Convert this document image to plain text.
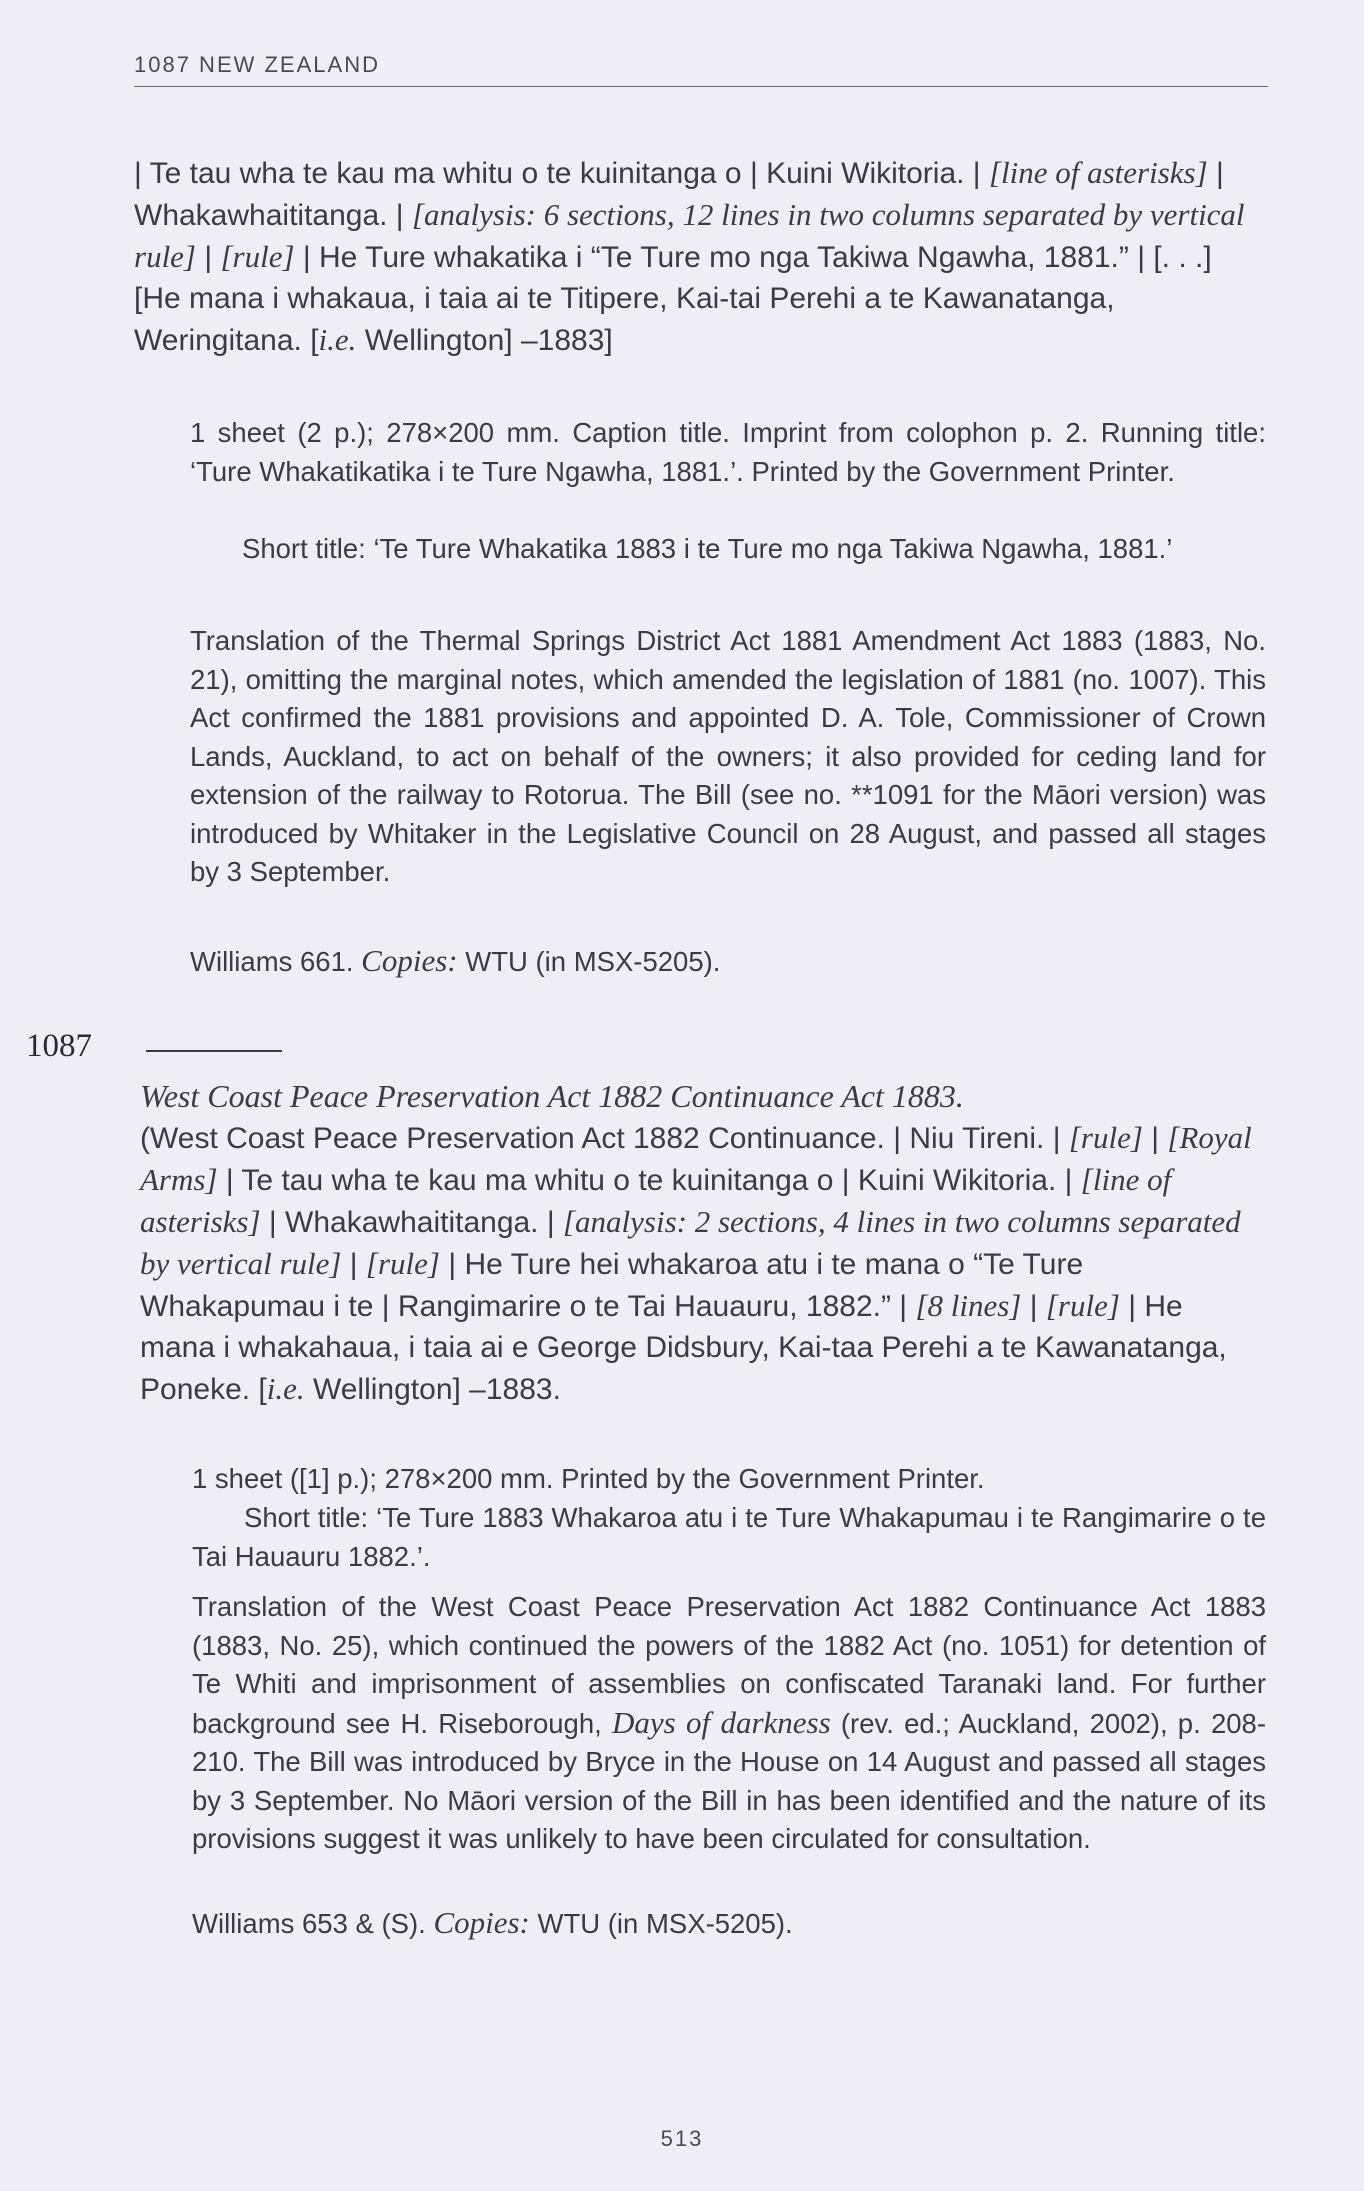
1087 NEW ZEALAND

| Te tau wha te kau ma whitu o te kuinitanga o | Kuini Wikitoria. | [line of asterisks] | Whakawhaititanga. | [analysis: 6 sections, 12 lines in two columns separated by vertical rule] | [rule] | He Ture whakatika i “Te Ture mo nga Takiwa Ngawha, 1881.” | [. . .] [He mana i whakaua, i taia ai te Titipere, Kai-tai Perehi a te Kawanatanga, Weringitana. [i.e. Wellington] –1883]

1 sheet (2 p.); 278×200 mm. Caption title. Imprint from colophon p. 2. Running title: ‘Ture Whakatikatika i te Ture Ngawha, 1881.’. Printed by the Government Printer.

Short title: ‘Te Ture Whakatika 1883 i te Ture mo nga Takiwa Ngawha, 1881.’

Translation of the Thermal Springs District Act 1881 Amendment Act 1883 (1883, No. 21), omitting the marginal notes, which amended the legislation of 1881 (no. 1007). This Act confirmed the 1881 provisions and appointed D. A. Tole, Commissioner of Crown Lands, Auckland, to act on behalf of the owners; it also provided for ceding land for extension of the railway to Rotorua. The Bill (see no. **1091 for the Māori version) was introduced by Whitaker in the Legislative Council on 28 August, and passed all stages by 3 September.

Williams 661. Copies: WTU (in MSX-5205).

1087

West Coast Peace Preservation Act 1882 Continuance Act 1883.

(West Coast Peace Preservation Act 1882 Continuance. | Niu Tireni. | [rule] | [Royal Arms] | Te tau wha te kau ma whitu o te kuinitanga o | Kuini Wikitoria. | [line of asterisks] | Whakawhaititanga. | [analysis: 2 sections, 4 lines in two columns separated by vertical rule] | [rule] | He Ture hei whakaroa atu i te mana o “Te Ture Whakapumau i te | Rangimarire o te Tai Hauauru, 1882.” | [8 lines] | [rule] | He mana i whakahaua, i taia ai e George Didsbury, Kai-taa Perehi a te Kawanatanga, Poneke. [i.e. Wellington] –1883.

1 sheet ([1] p.); 278×200 mm. Printed by the Government Printer.

Short title: ‘Te Ture 1883 Whakaroa atu i te Ture Whakapumau i te Rangimarire o te Tai Hauauru 1882.’.

Translation of the West Coast Peace Preservation Act 1882 Continuance Act 1883 (1883, No. 25), which continued the powers of the 1882 Act (no. 1051) for detention of Te Whiti and imprisonment of assemblies on confiscated Taranaki land. For further background see H. Riseborough, Days of darkness (rev. ed.; Auckland, 2002), p. 208-210. The Bill was introduced by Bryce in the House on 14 August and passed all stages by 3 September. No Māori version of the Bill in has been identified and the nature of its provisions suggest it was unlikely to have been circulated for consultation.

Williams 653 & (S). Copies: WTU (in MSX-5205).

513
